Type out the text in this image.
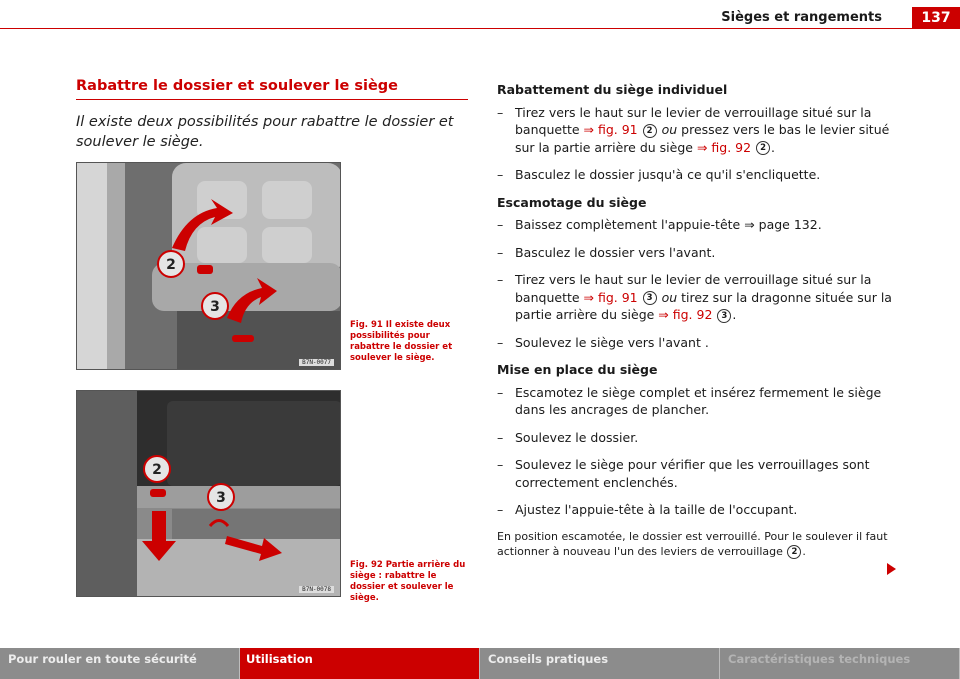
Sièges et rangements	137
Rabattre le dossier et soulever le siège
Il existe deux possibilités pour rabattre le dossier et soulever le siège.
2
3
B7N-0077
Fig. 91 Il existe deux possibilités pour rabattre le dossier et soulever le siège.
2
3
B7N-0078
Fig. 92 Partie arrière du siège : rabattre le dossier et soulever le siège.
Rabattement du siège individuel
– Tirez vers le haut sur le levier de verrouillage situé sur la banquette ⇒ fig. 91 2 ou pressez vers le bas le levier situé sur la partie arrière du siège ⇒ fig. 92 2 .
– Basculez le dossier jusqu'à ce qu'il s'encliquette.
Escamotage du siège
– Baissez complètement l'appuie-tête ⇒ page 132.
– Basculez le dossier vers l'avant.
– Tirez vers le haut sur le levier de verrouillage situé sur la banquette ⇒ fig. 91 3 ou tirez sur la dragonne située sur la partie arrière du siège ⇒ fig. 92 3 .
– Soulevez le siège vers l'avant .
Mise en place du siège
– Escamotez le siège complet et insérez fermement le siège dans les ancrages de plancher.
– Soulevez le dossier.
– Soulevez le siège pour vérifier que les verrouillages sont correctement enclenchés.
– Ajustez l'appuie-tête à la taille de l'occupant.
En position escamotée, le dossier est verrouillé. Pour le soulever il faut actionner à nouveau l'un des leviers de verrouillage 2 .
Pour rouler en toute sécurité	Utilisation	Conseils pratiques	Caractéristiques techniques
